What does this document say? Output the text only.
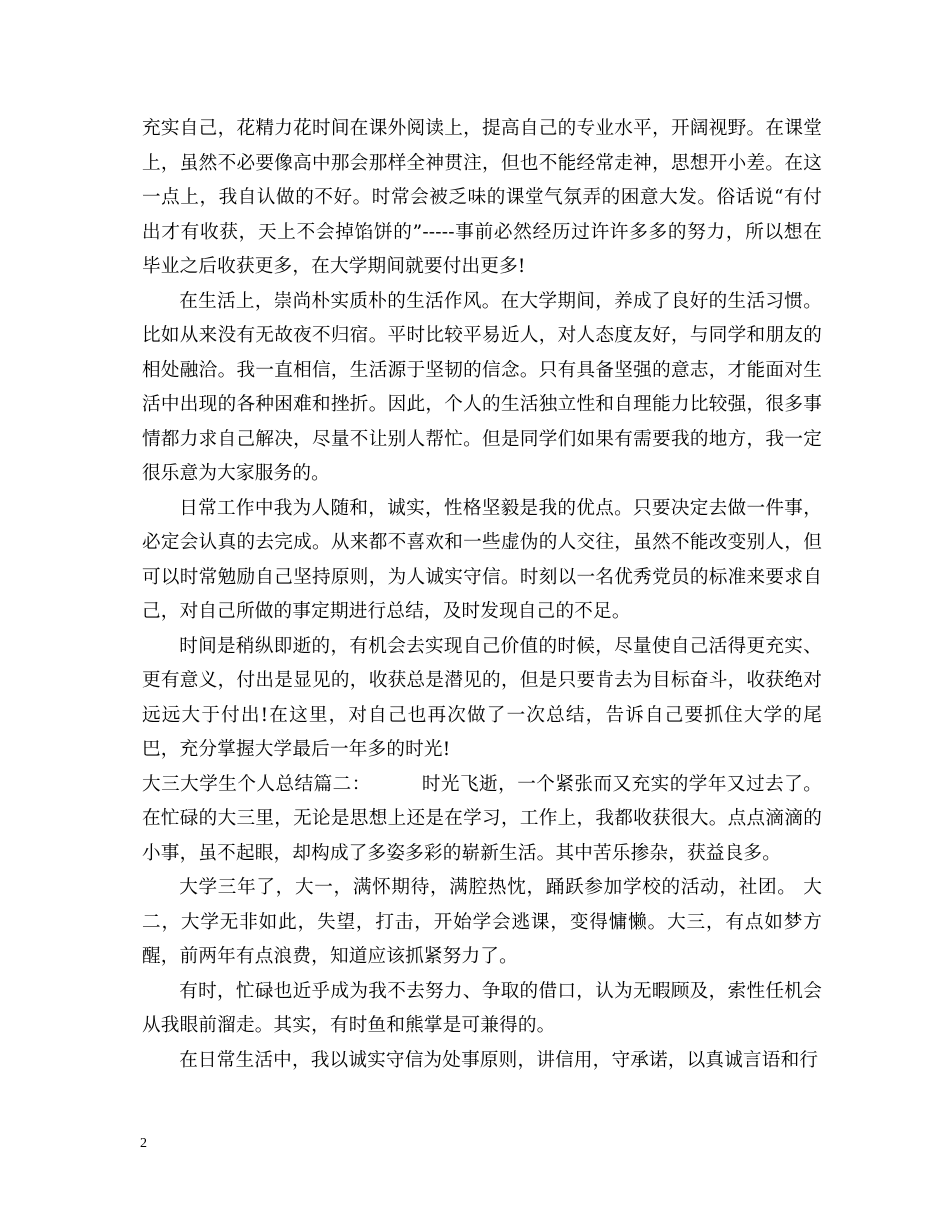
充实自己，花精力花时间在课外阅读上，提高自己的专业水平，开阔视野。在课堂上，虽然不必要像高中那会那样全神贯注，但也不能经常走神，思想开小差。在这一点上，我自认做的不好。时常会被乏味的课堂气氛弄的困意大发。俗话说“有付出才有收获，天上不会掉馅饼的”-----事前必然经历过许许多多的努力，所以想在毕业之后收获更多，在大学期间就要付出更多!

在生活上，崇尚朴实质朴的生活作风。在大学期间，养成了良好的生活习惯。比如从来没有无故夜不归宿。平时比较平易近人，对人态度友好，与同学和朋友的相处融洽。我一直相信，生活源于坚韧的信念。只有具备坚强的意志，才能面对生活中出现的各种困难和挫折。因此，个人的生活独立性和自理能力比较强，很多事情都力求自己解决，尽量不让别人帮忙。但是同学们如果有需要我的地方，我一定很乐意为大家服务的。

日常工作中我为人随和，诚实，性格坚毅是我的优点。只要决定去做一件事，必定会认真的去完成。从来都不喜欢和一些虚伪的人交往，虽然不能改变别人，但可以时常勉励自己坚持原则，为人诚实守信。时刻以一名优秀党员的标准来要求自己，对自己所做的事定期进行总结，及时发现自己的不足。

时间是稍纵即逝的，有机会去实现自己价值的时候，尽量使自己活得更充实、更有意义，付出是显见的，收获总是潜见的，但是只要肯去为目标奋斗，收获绝对远远大于付出!在这里，对自己也再次做了一次总结，告诉自己要抓住大学的尾巴，充分掌握大学最后一年多的时光!

大三大学生个人总结篇二：        时光飞逝，一个紧张而又充实的学年又过去了。在忙碌的大三里，无论是思想上还是在学习，工作上，我都收获很大。点点滴滴的小事，虽不起眼，却构成了多姿多彩的崭新生活。其中苦乐掺杂，获益良多。

大学三年了，大一，满怀期待，满腔热忱，踊跃参加学校的活动，社团。 大二，大学无非如此，失望，打击，开始学会逃课，变得慵懒。大三，有点如梦方醒，前两年有点浪费，知道应该抓紧努力了。

有时，忙碌也近乎成为我不去努力、争取的借口，认为无暇顾及，索性任机会从我眼前溜走。其实，有时鱼和熊掌是可兼得的。

在日常生活中，我以诚实守信为处事原则，讲信用，守承诺，以真诚言语和行

2
